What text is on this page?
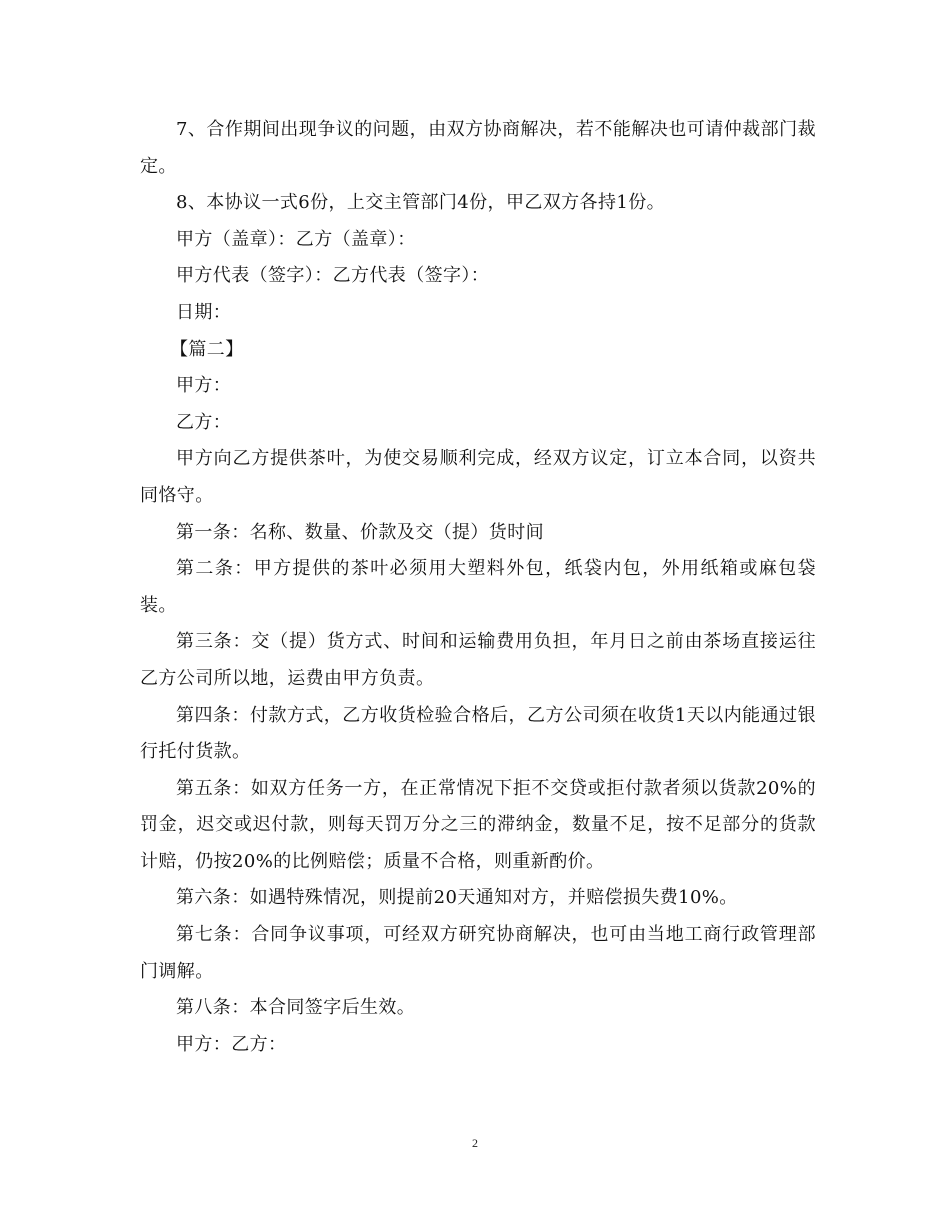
7、合作期间出现争议的问题，由双方协商解决，若不能解决也可请仲裁部门裁定。

8、本协议一式6份，上交主管部门4份，甲乙双方各持1份。

甲方（盖章）：乙方（盖章）：

甲方代表（签字）：乙方代表（签字）：

日期：

【篇二】

甲方：

乙方：

甲方向乙方提供茶叶，为使交易顺利完成，经双方议定，订立本合同，以资共同恪守。

第一条：名称、数量、价款及交（提）货时间

第二条：甲方提供的茶叶必须用大塑料外包，纸袋内包，外用纸箱或麻包袋装。

第三条：交（提）货方式、时间和运输费用负担，年月日之前由茶场直接运往乙方公司所以地，运费由甲方负责。

第四条：付款方式，乙方收货检验合格后，乙方公司须在收货1天以内能通过银行托付货款。

第五条：如双方任务一方，在正常情况下拒不交贷或拒付款者须以货款20%的罚金，迟交或迟付款，则每天罚万分之三的滞纳金，数量不足，按不足部分的货款计赔，仍按20%的比例赔偿；质量不合格，则重新酌价。

第六条：如遇特殊情况，则提前20天通知对方，并赔偿损失费10%。

第七条：合同争议事项，可经双方研究协商解决，也可由当地工商行政管理部门调解。

第八条：本合同签字后生效。

甲方：乙方：

2
